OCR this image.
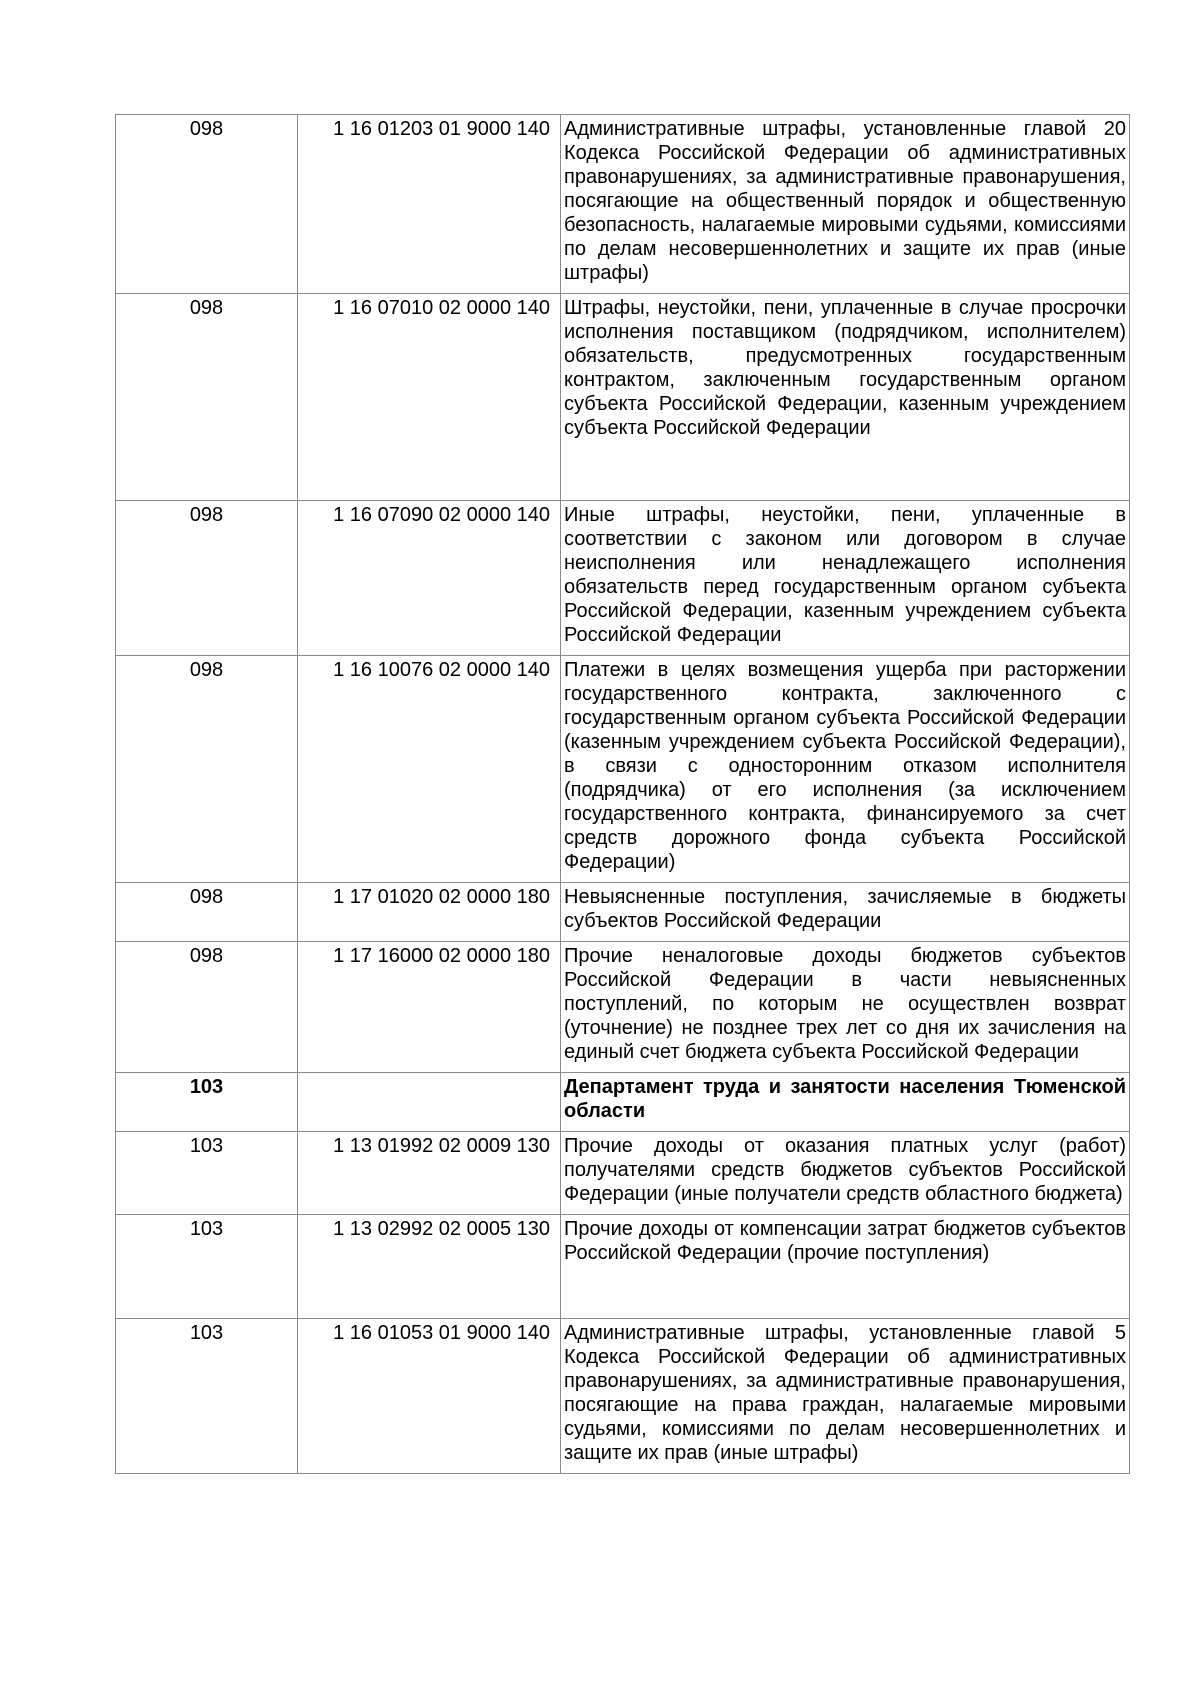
098	1 16 01203 01 9000 140	Административные штрафы, установленные главой 20 Кодекса Российской Федерации об административных правонарушениях, за административные правонарушения, посягающие на общественный порядок и общественную безопасность, налагаемые мировыми судьями, комиссиями по делам несовершеннолетних и защите их прав (иные штрафы)
098	1 16 07010 02 0000 140	Штрафы, неустойки, пени, уплаченные в случае просрочки исполнения поставщиком (подрядчиком, исполнителем) обязательств, предусмотренных государственным контрактом, заключенным государственным органом субъекта Российской Федерации, казенным учреждением субъекта Российской Федерации
098	1 16 07090 02 0000 140	Иные штрафы, неустойки, пени, уплаченные в соответствии с законом или договором в случае неисполнения или ненадлежащего исполнения обязательств перед государственным органом субъекта Российской Федерации, казенным учреждением субъекта Российской Федерации
098	1 16 10076 02 0000 140	Платежи в целях возмещения ущерба при расторжении государственного контракта, заключенного с государственным органом субъекта Российской Федерации (казенным учреждением субъекта Российской Федерации), в связи с односторонним отказом исполнителя (подрядчика) от его исполнения (за исключением государственного контракта, финансируемого за счет средств дорожного фонда субъекта Российской Федерации)
098	1 17 01020 02 0000 180	Невыясненные поступления, зачисляемые в бюджеты субъектов Российской Федерации
098	1 17 16000 02 0000 180	Прочие неналоговые доходы бюджетов субъектов Российской Федерации в части невыясненных поступлений, по которым не осуществлен возврат (уточнение) не позднее трех лет со дня их зачисления на единый счет бюджета субъекта Российской Федерации
103		Департамент труда и занятости населения Тюменской области
103	1 13 01992 02 0009 130	Прочие доходы от оказания платных услуг (работ) получателями средств бюджетов субъектов Российской Федерации (иные получатели средств областного бюджета)
103	1 13 02992 02 0005 130	Прочие доходы от компенсации затрат бюджетов субъектов Российской Федерации (прочие поступления)
103	1 16 01053 01 9000 140	Административные штрафы, установленные главой 5 Кодекса Российской Федерации об административных правонарушениях, за административные правонарушения, посягающие на права граждан, налагаемые мировыми судьями, комиссиями по делам несовершеннолетних и защите их прав (иные штрафы)
